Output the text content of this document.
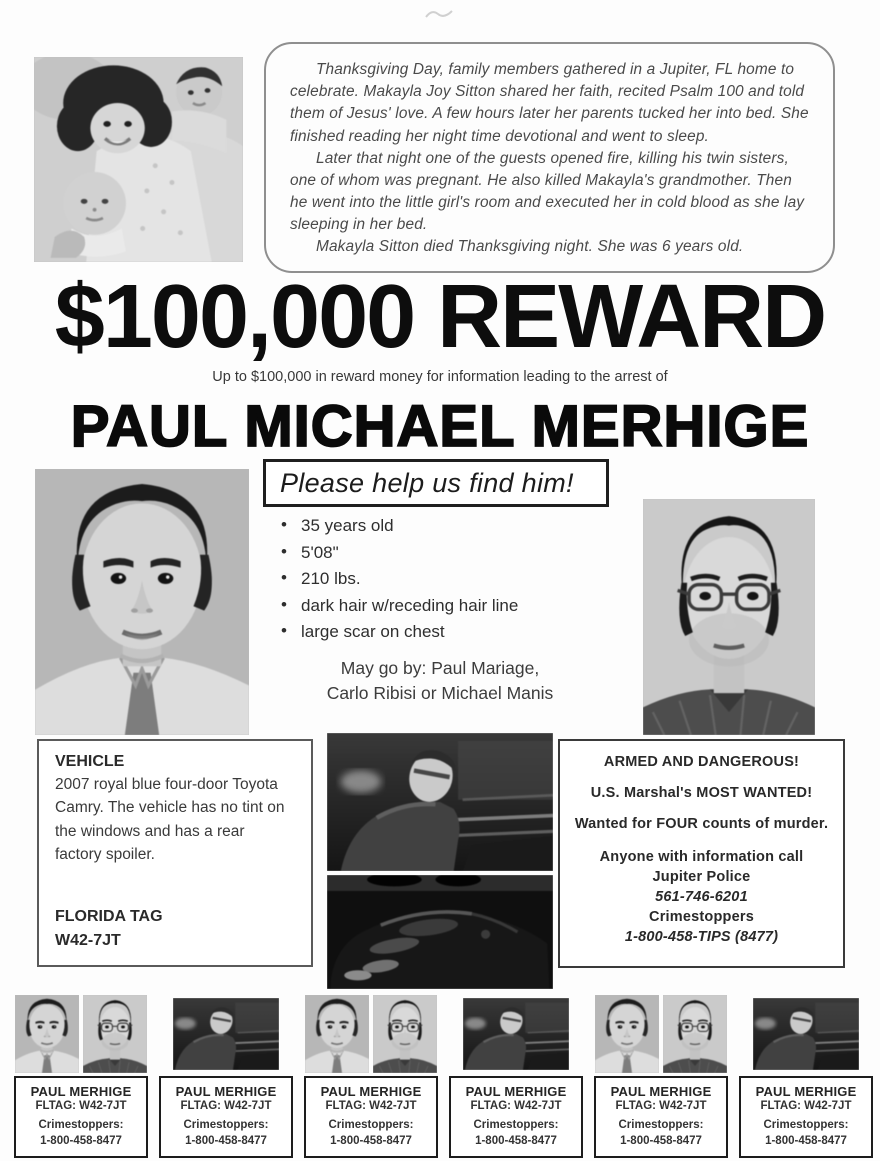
Thanksgiving Day, family members gathered in a Jupiter, FL home to celebrate. Makayla Joy Sitton shared her faith, recited Psalm 100 and told them of Jesus' love. A few hours later her parents tucked her into bed. She finished reading her night time devotional and went to sleep.

Later that night one of the guests opened fire, killing his twin sisters, one of whom was pregnant. He also killed Makayla's grandmother. Then he went into the little girl's room and executed her in cold blood as she lay sleeping in her bed.

Makayla Sitton died Thanksgiving night. She was 6 years old.

$100,000 REWARD
Up to $100,000 in reward money for information leading to the arrest of
PAUL MICHAEL MERHIGE
Please help us find him!
• 35 years old
• 5'08"
• 210 lbs.
• dark hair w/receding hair line
• large scar on chest
May go by: Paul Mariage,
Carlo Ribisi or Michael Manis
VEHICLE
2007 royal blue four-door Toyota Camry. The vehicle has no tint on the windows and has a rear factory spoiler.
FLORIDA TAG
W42-7JT
ARMED AND DANGEROUS!
U.S. Marshal's MOST WANTED!
Wanted for FOUR counts of murder.
Anyone with information call
Jupiter Police
561-746-6201
Crimestoppers
1-800-458-TIPS (8477)
PAUL MERHIGE
FLTAG: W42-7JT
Crimestoppers:
1-800-458-8477
PAUL MERHIGE
FLTAG: W42-7JT
Crimestoppers:
1-800-458-8477
PAUL MERHIGE
FLTAG: W42-7JT
Crimestoppers:
1-800-458-8477
PAUL MERHIGE
FLTAG: W42-7JT
Crimestoppers:
1-800-458-8477
PAUL MERHIGE
FLTAG: W42-7JT
Crimestoppers:
1-800-458-8477
PAUL MERHIGE
FLTAG: W42-7JT
Crimestoppers:
1-800-458-8477
